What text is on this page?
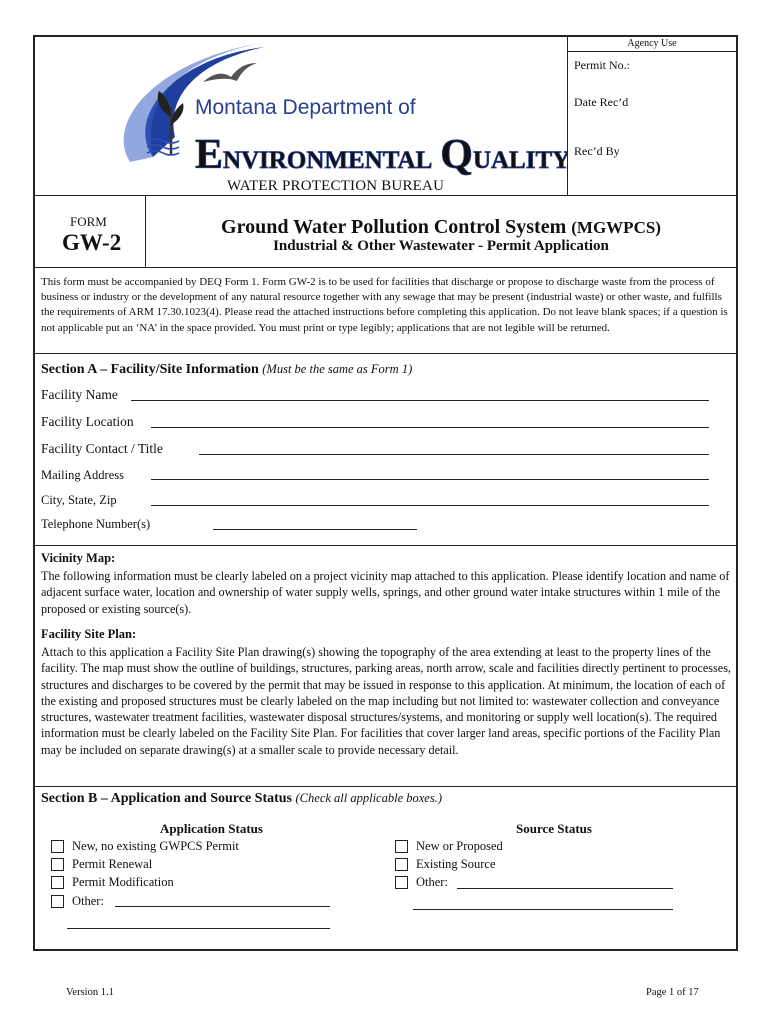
Montana Department of
ENVIRONMENTAL QUALITY
Agency Use
Permit No.:
Date Rec’d
Rec’d By
WATER PROTECTION BUREAU
FORM
GW-2
Ground Water Pollution Control System (MGWPCS)
Industrial & Other Wastewater - Permit Application
This form must be accompanied by DEQ Form 1. Form GW-2 is to be used for facilities that discharge or propose to discharge waste from the process of business or industry or the development of any natural resource together with any sewage that may be present (industrial waste) or other waste, and fulfills the requirements of ARM 17.30.1023(4). Please read the attached instructions before completing this application. Do not leave blank spaces; if a question is not applicable put an ‘NA’ in the space provided. You must print or type legibly; applications that are not legible will be returned.
Section A – Facility/Site Information (Must be the same as Form 1)
Facility Name
Facility Location
Facility Contact / Title
Mailing Address
City, State, Zip
Telephone Number(s)
Vicinity Map:
The following information must be clearly labeled on a project vicinity map attached to this application. Please identify location and name of adjacent surface water, location and ownership of water supply wells, springs, and other ground water intake structures within 1 mile of the proposed or existing source(s).
Facility Site Plan:
Attach to this application a Facility Site Plan drawing(s) showing the topography of the area extending at least to the property lines of the facility. The map must show the outline of buildings, structures, parking areas, north arrow, scale and facilities directly pertinent to processes, structures and discharges to be covered by the permit that may be issued in response to this application. At minimum, the location of each of the existing and proposed structures must be clearly labeled on the map including but not limited to: wastewater collection and conveyance structures, wastewater treatment facilities, wastewater disposal structures/systems, and monitoring or supply well location(s). The required information must be clearly labeled on the Facility Site Plan. For facilities that cover larger land areas, specific portions of the Facility Plan may be included on separate drawing(s) at a smaller scale to provide necessary detail.
Section B – Application and Source Status (Check all applicable boxes.)
Application Status	Source Status
New, no existing GWPCS Permit
Permit Renewal
Permit Modification
Other:
New or Proposed
Existing Source
Other:
Version 1.1	Page 1 of 17
